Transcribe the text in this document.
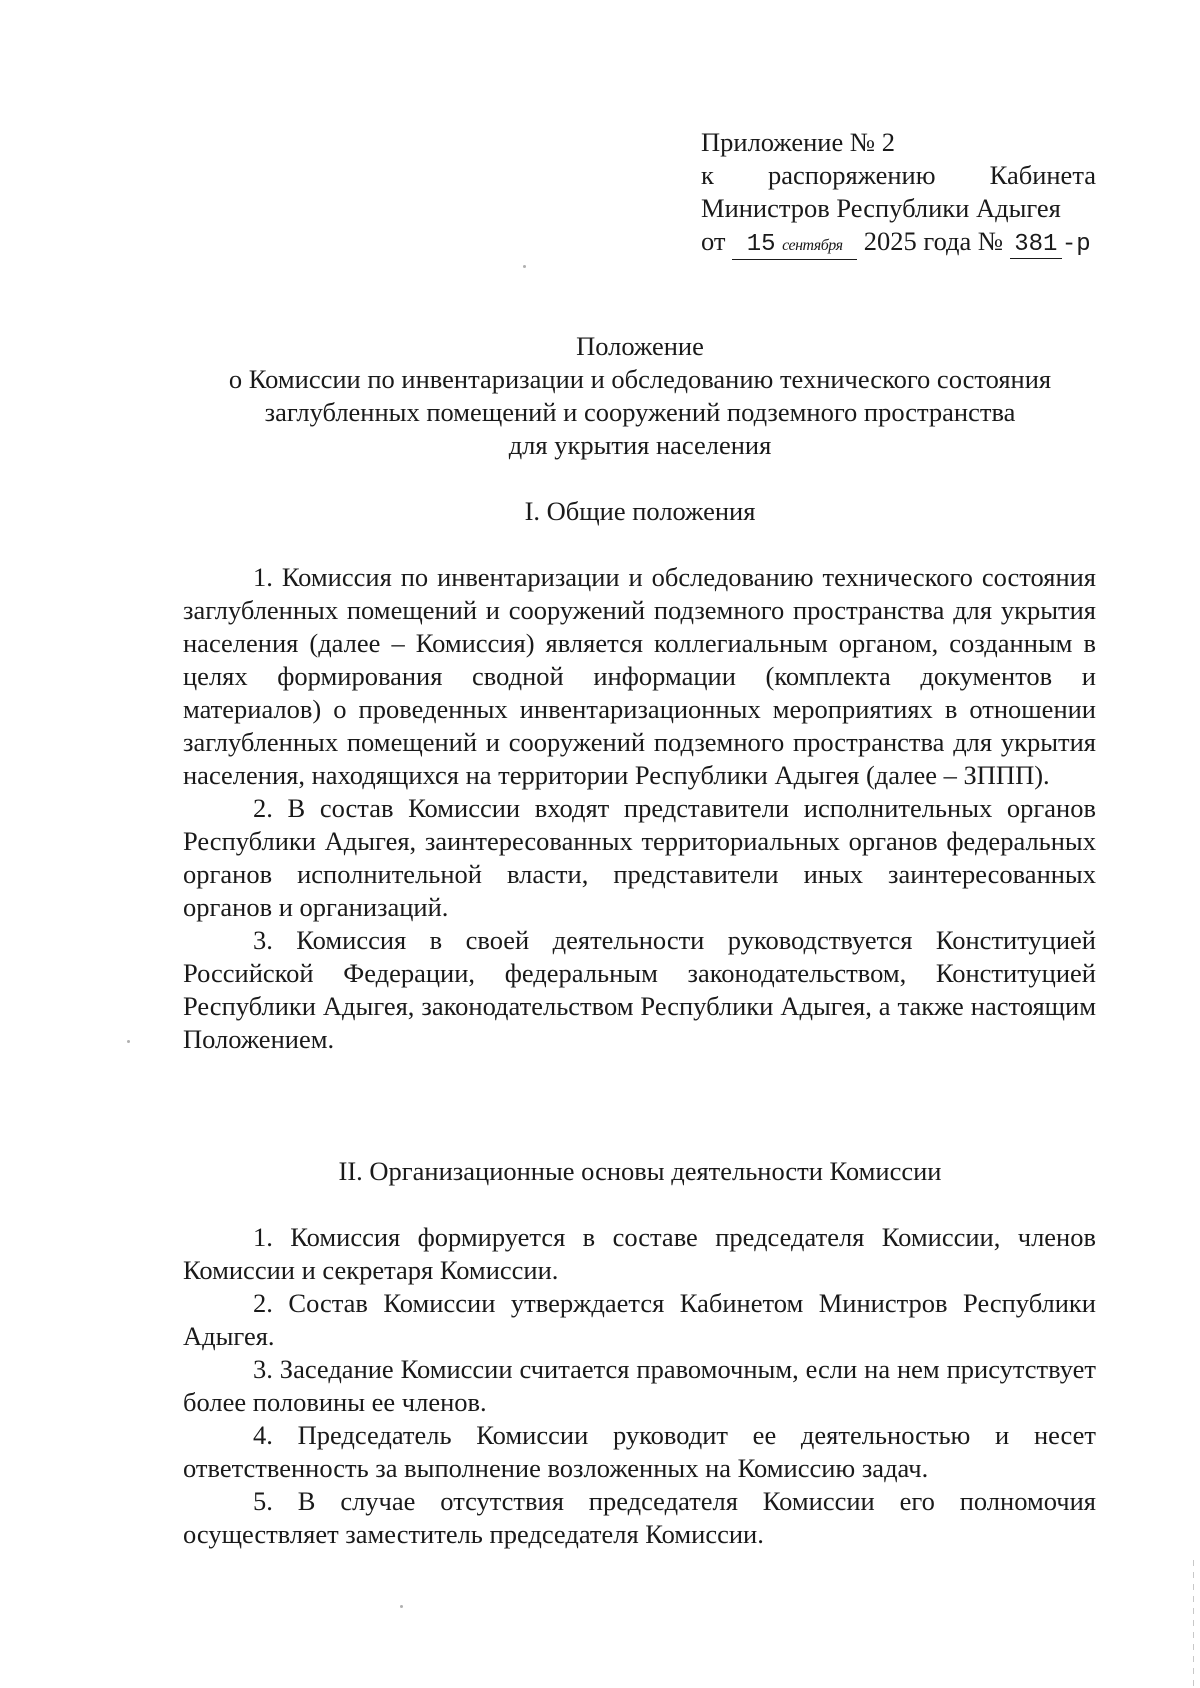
Приложение № 2
к распоряжению Кабинета
Министров Республики Адыгея
от 15 сентября 2025 года № 381 -р
Положение
о Комиссии по инвентаризации и обследованию технического состояния
заглубленных помещений и сооружений подземного пространства
для укрытия населения
I. Общие положения

1. Комиссия по инвентаризации и обследованию технического состояния заглубленных помещений и сооружений подземного пространства для укрытия населения (далее – Комиссия) является коллегиальным органом, созданным в целях формирования сводной информации (комплекта документов и материалов) о проведенных инвентаризационных мероприятиях в отношении заглубленных помещений и сооружений подземного пространства для укрытия населения, находящихся на территории Республики Адыгея (далее – ЗППП).

2. В состав Комиссии входят представители исполнительных органов Республики Адыгея, заинтересованных территориальных органов федеральных органов исполнительной власти, представители иных заинтересованных органов и организаций.

3. Комиссия в своей деятельности руководствуется Конституцией Российской Федерации, федеральным законодательством, Конституцией Республики Адыгея, законодательством Республики Адыгея, а также настоящим Положением.

II. Организационные основы деятельности Комиссии

1. Комиссия формируется в составе председателя Комиссии, членов Комиссии и секретаря Комиссии.

2. Состав Комиссии утверждается Кабинетом Министров Республики Адыгея.

3. Заседание Комиссии считается правомочным, если на нем присутствует более половины ее членов.

4. Председатель Комиссии руководит ее деятельностью и несет ответственность за выполнение возложенных на Комиссию задач.

5. В случае отсутствия председателя Комиссии его полномочия осуществляет заместитель председателя Комиссии.
